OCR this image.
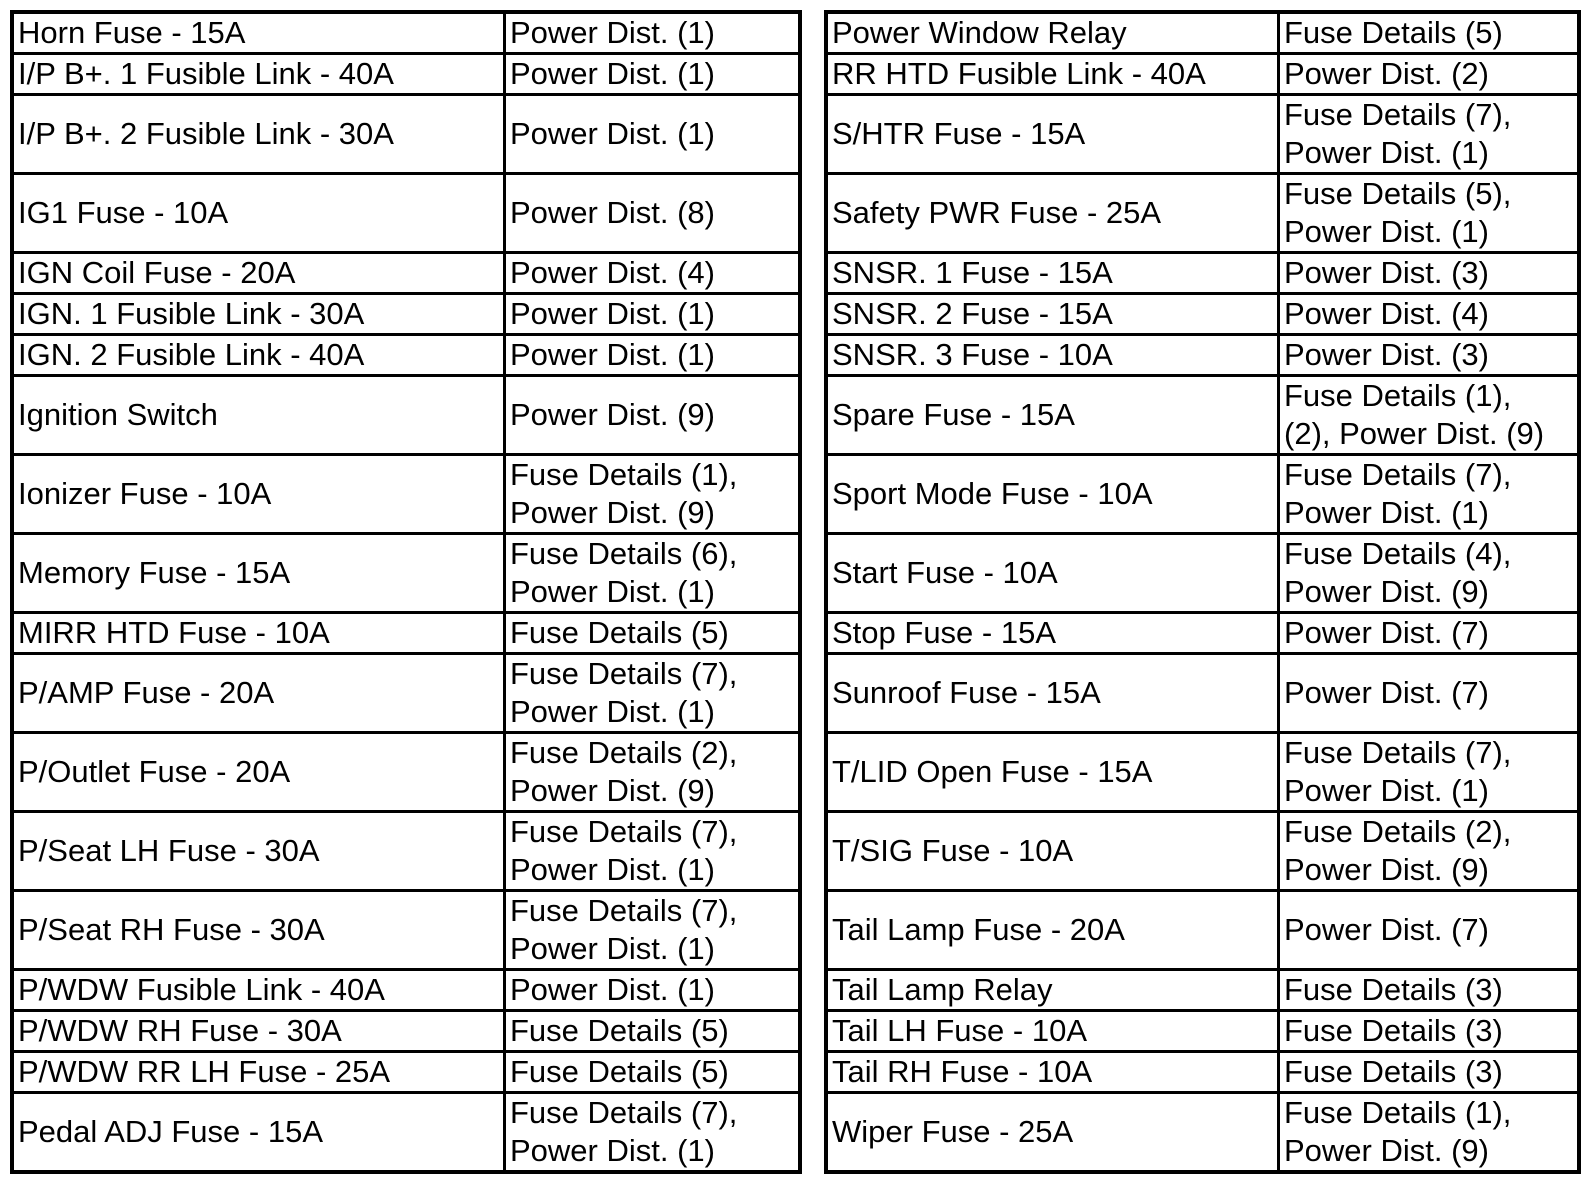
Horn Fuse - 15A	Power Dist. (1)
I/P B+. 1 Fusible Link - 40A	Power Dist. (1)
I/P B+. 2 Fusible Link - 30A	Power Dist. (1)

IG1 Fuse - 10A	Power Dist. (8)

IGN Coil Fuse - 20A	Power Dist. (4)
IGN. 1 Fusible Link - 30A	Power Dist. (1)
IGN. 2 Fusible Link - 40A	Power Dist. (1)
Ignition Switch	Power Dist. (9)

Ionizer Fuse - 10A	Fuse Details (1),
Power Dist. (9)

Memory Fuse - 15A	Fuse Details (6),
Power Dist. (1)

MIRR HTD Fuse - 10A	Fuse Details (5)
P/AMP Fuse - 20A	Fuse Details (7),
Power Dist. (1)

P/Outlet Fuse - 20A	Fuse Details (2),
Power Dist. (9)

P/Seat LH Fuse - 30A	Fuse Details (7),
Power Dist. (1)

P/Seat RH Fuse - 30A	Fuse Details (7),
Power Dist. (1)

P/WDW Fusible Link - 40A	Power Dist. (1)
P/WDW RH Fuse - 30A	Fuse Details (5)
P/WDW RR LH Fuse - 25A	Fuse Details (5)
Pedal ADJ Fuse - 15A	Fuse Details (7),
Power Dist. (1)
Power Window Relay	Fuse Details (5)
RR HTD Fusible Link - 40A	Power Dist. (2)
S/HTR Fuse - 15A	Fuse Details (7),
Power Dist. (1)

Safety PWR Fuse - 25A	Fuse Details (5),
Power Dist. (1)

SNSR. 1 Fuse - 15A	Power Dist. (3)
SNSR. 2 Fuse - 15A	Power Dist. (4)
SNSR. 3 Fuse - 10A	Power Dist. (3)
Spare Fuse - 15A	Fuse Details (1),
(2), Power Dist. (9)

Sport Mode Fuse - 10A	Fuse Details (7),
Power Dist. (1)

Start Fuse - 10A	Fuse Details (4),
Power Dist. (9)

Stop Fuse - 15A	Power Dist. (7)
Sunroof Fuse - 15A	Power Dist. (7)

T/LID Open Fuse - 15A	Fuse Details (7),
Power Dist. (1)

T/SIG Fuse - 10A	Fuse Details (2),
Power Dist. (9)

Tail Lamp Fuse - 20A	Power Dist. (7)

Tail Lamp Relay	Fuse Details (3)
Tail LH Fuse - 10A	Fuse Details (3)
Tail RH Fuse - 10A	Fuse Details (3)
Wiper Fuse - 25A	Fuse Details (1),
Power Dist. (9)
